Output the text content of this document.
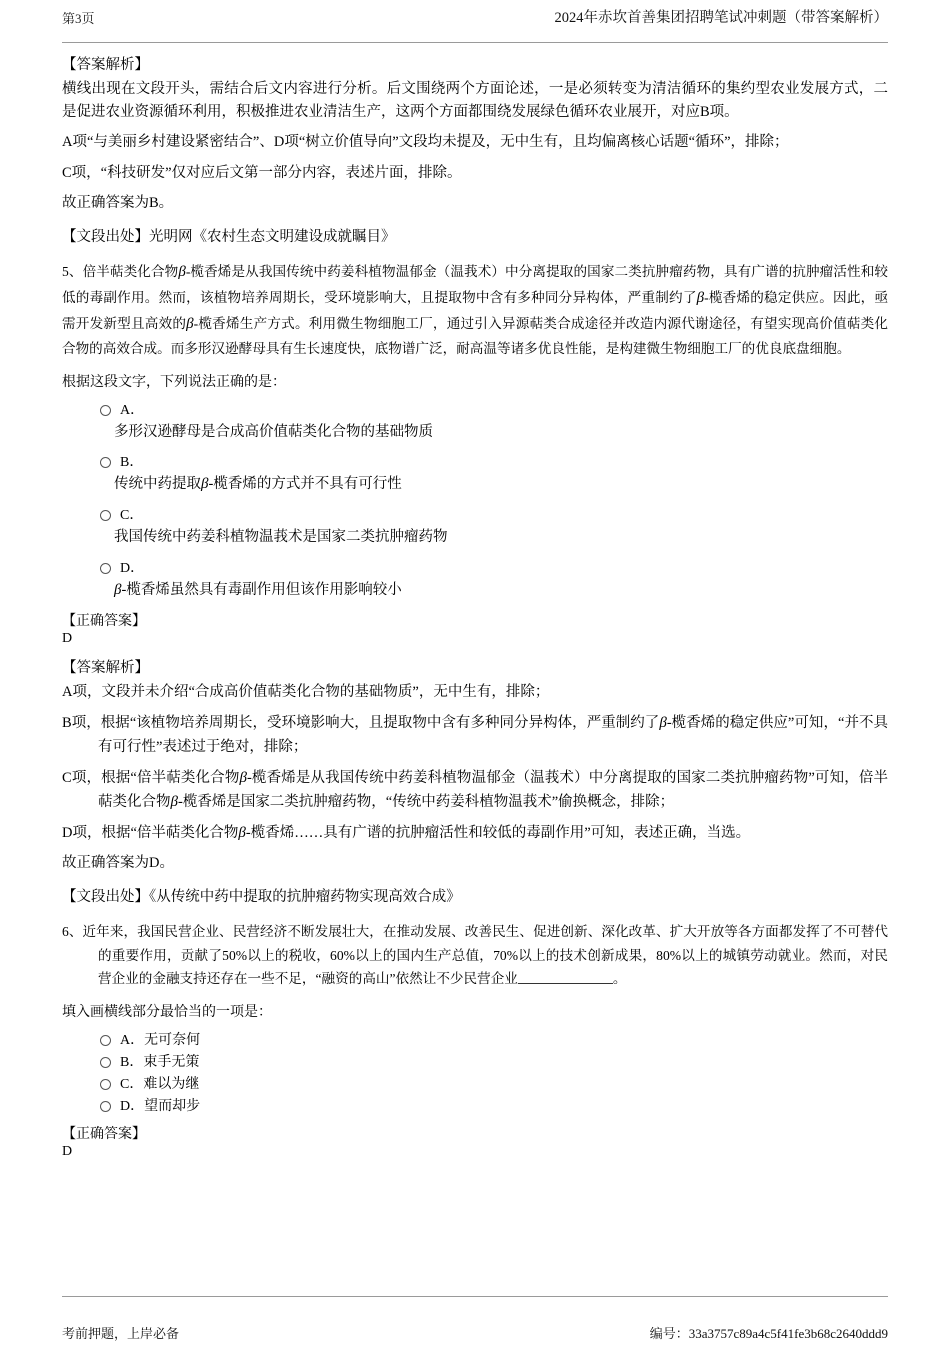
第3页	2024年赤坎首善集团招聘笔试冲刺题（带答案解析）
【答案解析】
横线出现在文段开头，需结合后文内容进行分析。后文围绕两个方面论述，一是必须转变为清洁循环的集约型农业发展方式，二是促进农业资源循环利用，积极推进农业清洁生产，这两个方面都围绕发展绿色循环农业展开，对应B项。
A项“与美丽乡村建设紧密结合”、D项“树立价值导向”文段均未提及，无中生有，且均偏离核心话题“循环”，排除；
C项，“科技研发”仅对应后文第一部分内容，表述片面，排除。
故正确答案为B。
【文段出处】光明网《农村生态文明建设成就瞩目》
5、倍半萜类化合物β-榄香烯是从我国传统中药姜科植物温郁金（温莪术）中分离提取的国家二类抗肿瘤药物，具有广谱的抗肿瘤活性和较低的毒副作用。然而，该植物培养周期长，受环境影响大，且提取物中含有多种同分异构体，严重制约了β-榄香烯的稳定供应。因此，亟需开发新型且高效的β-榄香烯生产方式。利用微生物细胞工厂，通过引入异源萜类合成途径并改造内源代谢途径，有望实现高价值萜类化合物的高效合成。而多形汉逊酵母具有生长速度快，底物谱广泛，耐高温等诸多优良性能，是构建微生物细胞工厂的优良底盘细胞。
根据这段文字，下列说法正确的是：
A．
多形汉逊酵母是合成高价值萜类化合物的基础物质
B．
传统中药提取β-榄香烯的方式并不具有可行性
C．
我国传统中药姜科植物温莪术是国家二类抗肿瘤药物
D．
β-榄香烯虽然具有毒副作用但该作用影响较小
【正确答案】
D
【答案解析】
A项，文段并未介绍“合成高价值萜类化合物的基础物质”，无中生有，排除；
B项，根据“该植物培养周期长，受环境影响大，且提取物中含有多种同分异构体，严重制约了β-榄香烯的稳定供应”可知，“并不具有可行性”表述过于绝对，排除；
C项，根据“倍半萜类化合物β-榄香烯是从我国传统中药姜科植物温郁金（温莪术）中分离提取的国家二类抗肿瘤药物”可知，倍半萜类化合物β-榄香烯是国家二类抗肿瘤药物，“传统中药姜科植物温莪术”偷换概念，排除；
D项，根据“倍半萜类化合物β-榄香烯……具有广谱的抗肿瘤活性和较低的毒副作用”可知，表述正确，当选。
故正确答案为D。
【文段出处】《从传统中药中提取的抗肿瘤药物实现高效合成》
6、近年来，我国民营企业、民营经济不断发展壮大，在推动发展、改善民生、促进创新、深化改革、扩大开放等各方面都发挥了不可替代的重要作用，贡献了50%以上的税收，60%以上的国内生产总值，70%以上的技术创新成果，80%以上的城镇劳动就业。然而，对民营企业的金融支持还存在一些不足，“融资的高山”依然让不少民营企业	。
填入画横线部分最恰当的一项是：
A． 无可奈何
B． 束手无策
C． 难以为继
D． 望而却步
【正确答案】
D
考前押题，上岸必备	编号：33a3757c89a4c5f41fe3b68c2640ddd9
